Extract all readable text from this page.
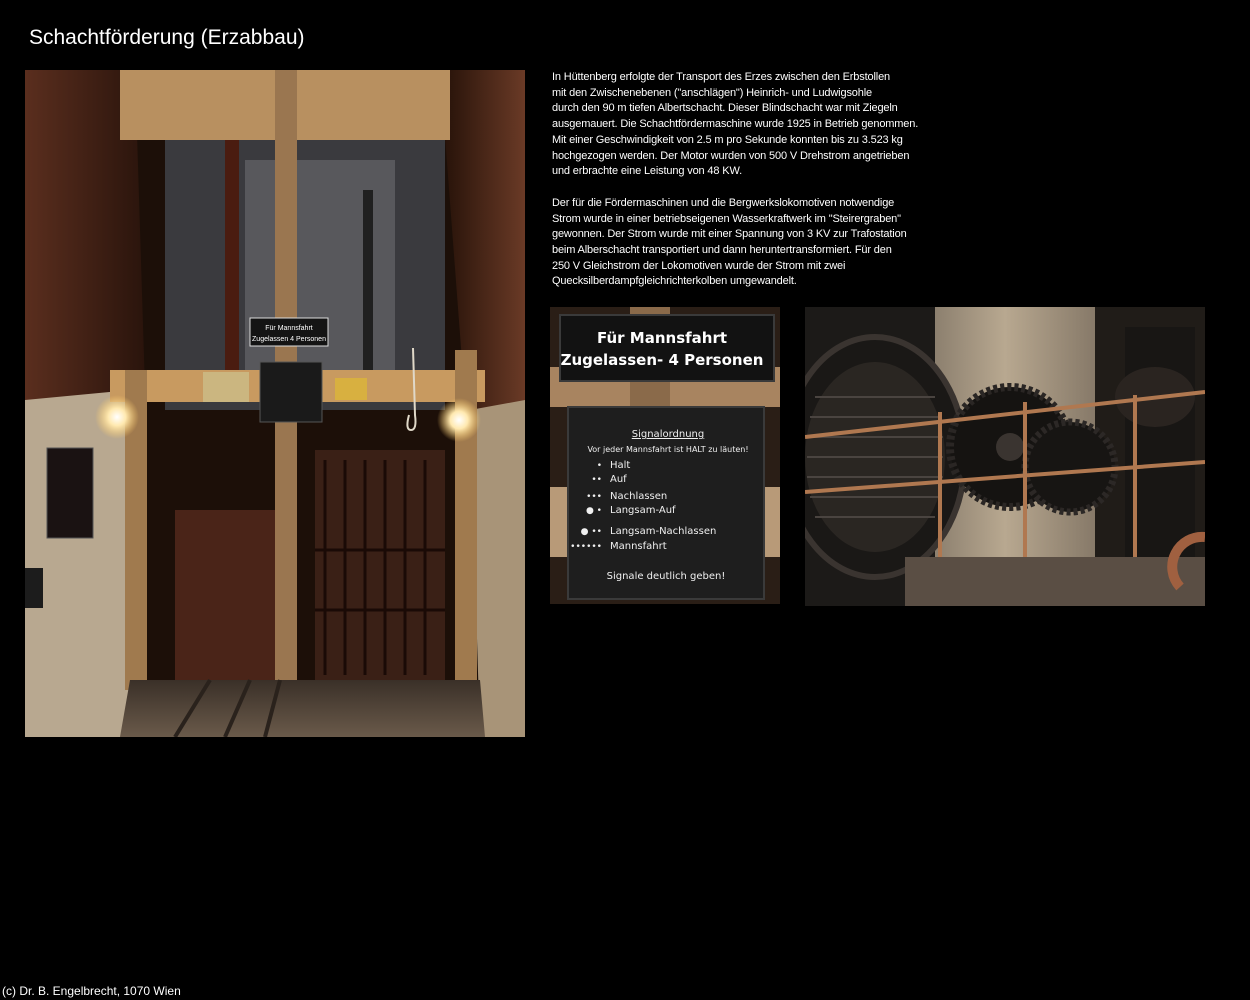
Schachtförderung (Erzabbau)
Für Mannsfahrt
Zugelassen 4 Personen

In Hüttenberg erfolgte der Transport des Erzes zwischen den Erbstollen
mit den Zwischenebenen ("anschlägen") Heinrich- und Ludwigsohle
durch den 90 m tiefen Albertschacht. Dieser Blindschacht war mit Ziegeln
ausgemauert. Die Schachtfördermaschine wurde 1925 in Betrieb genommen.
Mit einer Geschwindigkeit von 2.5 m pro Sekunde konnten bis zu 3.523 kg
hochgezogen werden. Der Motor wurden von 500 V Drehstrom angetrieben
und erbrachte eine Leistung von 48 KW.

Der für die Fördermaschinen und die Bergwerkslokomotiven notwendige
Strom wurde in einer betriebseigenen Wasserkraftwerk im "Steirergraben"
gewonnen. Der Strom wurde mit einer Spannung von 3 KV zur Trafostation
beim Alberschacht transportiert und dann heruntertransformiert. Für den
250 V Gleichstrom der Lokomotiven wurde der Strom mit zwei
Quecksilberdampfgleichrichterkolben umgewandelt.

Für Mannsfahrt
Zugelassen- 4 Personen
Signalordnung
Vor jeder Mannsfahrt ist HALT zu läuten!
• Halt
•• Auf
••• Nachlassen
● • Langsam-Auf
● •• Langsam-Nachlassen
•••••• Mannsfahrt
Signale deutlich geben!
(c) Dr. B. Engelbrecht, 1070 Wien
